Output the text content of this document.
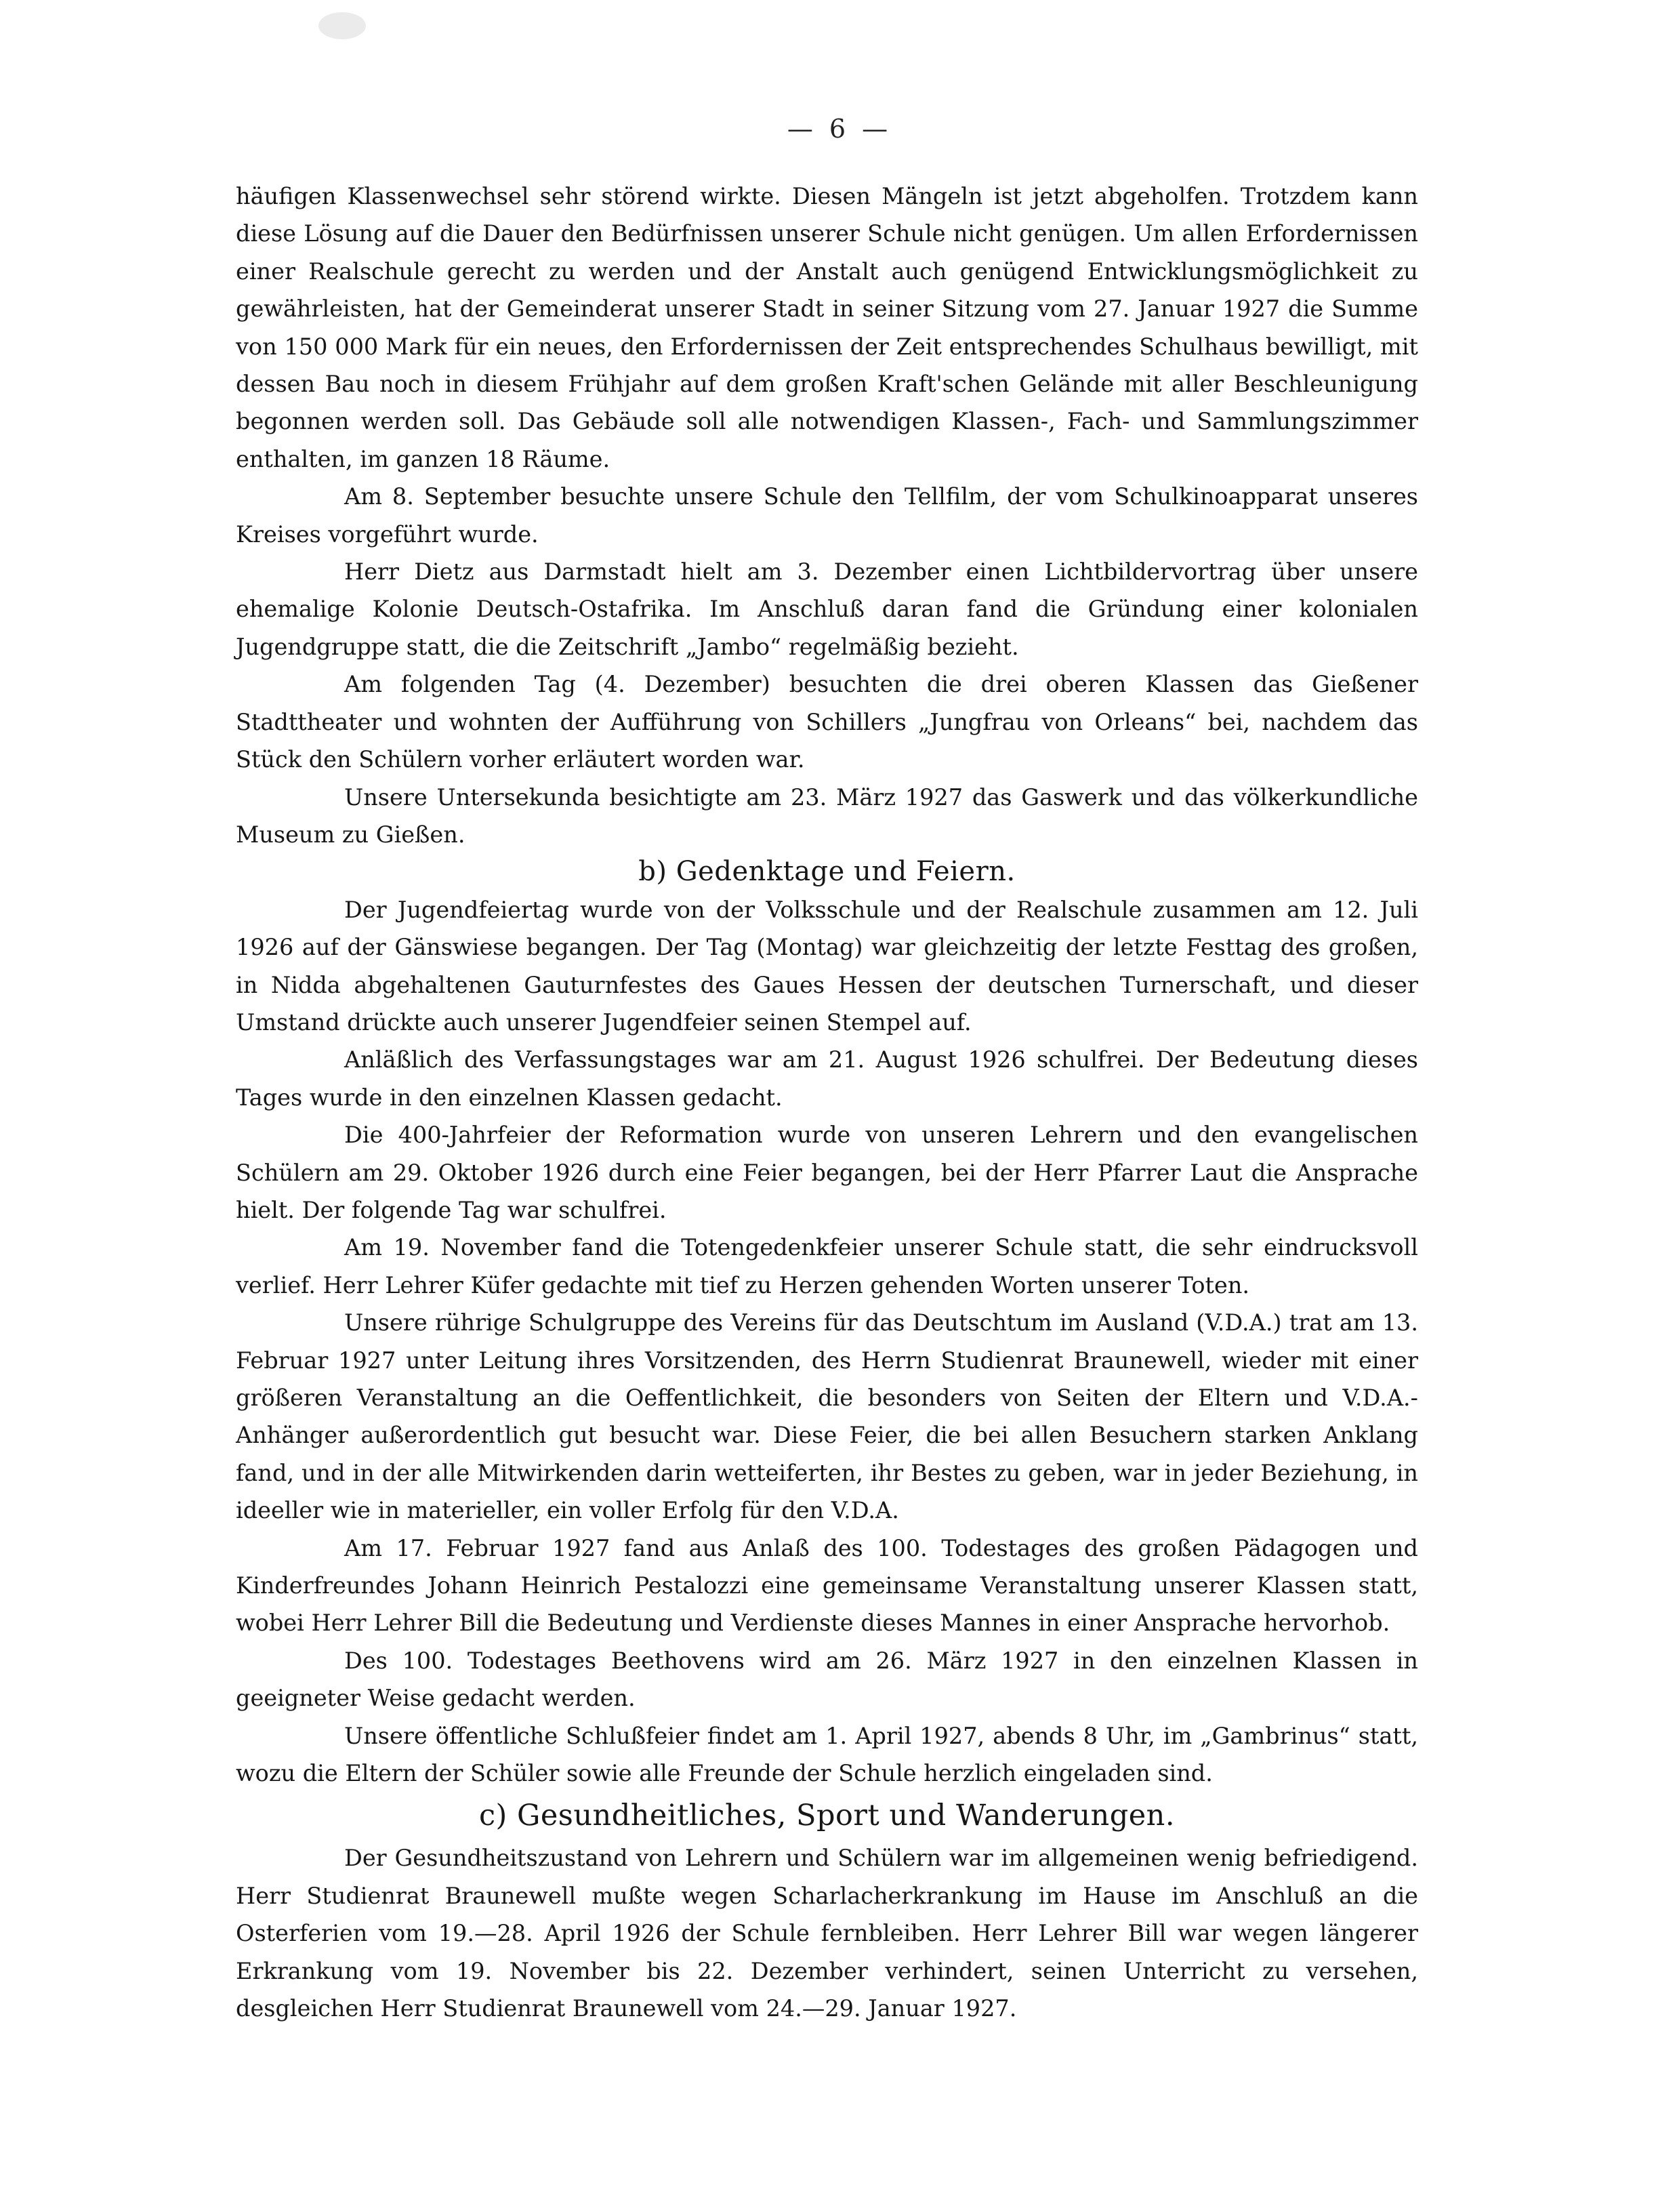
— 6 —

häufigen Klassenwechsel sehr störend wirkte. Diesen Mängeln ist jetzt abgeholfen. Trotzdem kann diese Lösung auf die Dauer den Bedürfnissen unserer Schule nicht genügen. Um allen Erfordernissen einer Realschule gerecht zu werden und der Anstalt auch genügend Entwicklungsmöglichkeit zu gewährleisten, hat der Gemeinderat unserer Stadt in seiner Sitzung vom 27. Januar 1927 die Summe von 150 000 Mark für ein neues, den Erfordernissen der Zeit entsprechendes Schulhaus bewilligt, mit dessen Bau noch in diesem Frühjahr auf dem großen Kraft'schen Gelände mit aller Beschleunigung begonnen werden soll. Das Gebäude soll alle notwendigen Klassen-, Fach- und Sammlungszimmer enthalten, im ganzen 18 Räume.

Am 8. September besuchte unsere Schule den Tellfilm, der vom Schulkinoapparat unseres Kreises vorgeführt wurde.

Herr Dietz aus Darmstadt hielt am 3. Dezember einen Lichtbildervortrag über unsere ehemalige Kolonie Deutsch-Ostafrika. Im Anschluß daran fand die Gründung einer kolonialen Jugendgruppe statt, die die Zeitschrift „Jambo“ regelmäßig bezieht.

Am folgenden Tag (4. Dezember) besuchten die drei oberen Klassen das Gießener Stadttheater und wohnten der Aufführung von Schillers „Jungfrau von Orleans“ bei, nachdem das Stück den Schülern vorher erläutert worden war.

Unsere Untersekunda besichtigte am 23. März 1927 das Gaswerk und das völkerkundliche Museum zu Gießen.

b) Gedenktage und Feiern.

Der Jugendfeiertag wurde von der Volksschule und der Realschule zusammen am 12. Juli 1926 auf der Gänswiese begangen. Der Tag (Montag) war gleichzeitig der letzte Festtag des großen, in Nidda abgehaltenen Gauturnfestes des Gaues Hessen der deutschen Turnerschaft, und dieser Umstand drückte auch unserer Jugendfeier seinen Stempel auf.

Anläßlich des Verfassungstages war am 21. August 1926 schulfrei. Der Bedeutung dieses Tages wurde in den einzelnen Klassen gedacht.

Die 400-Jahrfeier der Reformation wurde von unseren Lehrern und den evangelischen Schülern am 29. Oktober 1926 durch eine Feier begangen, bei der Herr Pfarrer Laut die Ansprache hielt. Der folgende Tag war schulfrei.

Am 19. November fand die Totengedenkfeier unserer Schule statt, die sehr eindrucksvoll verlief. Herr Lehrer Küfer gedachte mit tief zu Herzen gehenden Worten unserer Toten.

Unsere rührige Schulgruppe des Vereins für das Deutschtum im Ausland (V.D.A.) trat am 13. Februar 1927 unter Leitung ihres Vorsitzenden, des Herrn Studienrat Braunewell, wieder mit einer größeren Veranstaltung an die Oeffentlichkeit, die besonders von Seiten der Eltern und V.D.A.-Anhänger außerordentlich gut besucht war. Diese Feier, die bei allen Besuchern starken Anklang fand, und in der alle Mitwirkenden darin wetteiferten, ihr Bestes zu geben, war in jeder Beziehung, in ideeller wie in materieller, ein voller Erfolg für den V.D.A.

Am 17. Februar 1927 fand aus Anlaß des 100. Todestages des großen Pädagogen und Kinderfreundes Johann Heinrich Pestalozzi eine gemeinsame Veranstaltung unserer Klassen statt, wobei Herr Lehrer Bill die Bedeutung und Verdienste dieses Mannes in einer Ansprache hervorhob.

Des 100. Todestages Beethovens wird am 26. März 1927 in den einzelnen Klassen in geeigneter Weise gedacht werden.

Unsere öffentliche Schlußfeier findet am 1. April 1927, abends 8 Uhr, im „Gambrinus“ statt, wozu die Eltern der Schüler sowie alle Freunde der Schule herzlich eingeladen sind.

c) Gesundheitliches, Sport und Wanderungen.

Der Gesundheitszustand von Lehrern und Schülern war im allgemeinen wenig befriedigend. Herr Studienrat Braunewell mußte wegen Scharlacherkrankung im Hause im Anschluß an die Osterferien vom 19.—28. April 1926 der Schule fernbleiben. Herr Lehrer Bill war wegen längerer Erkrankung vom 19. November bis 22. Dezember verhindert, seinen Unterricht zu versehen, desgleichen Herr Studienrat Braunewell vom 24.—29. Januar 1927.
